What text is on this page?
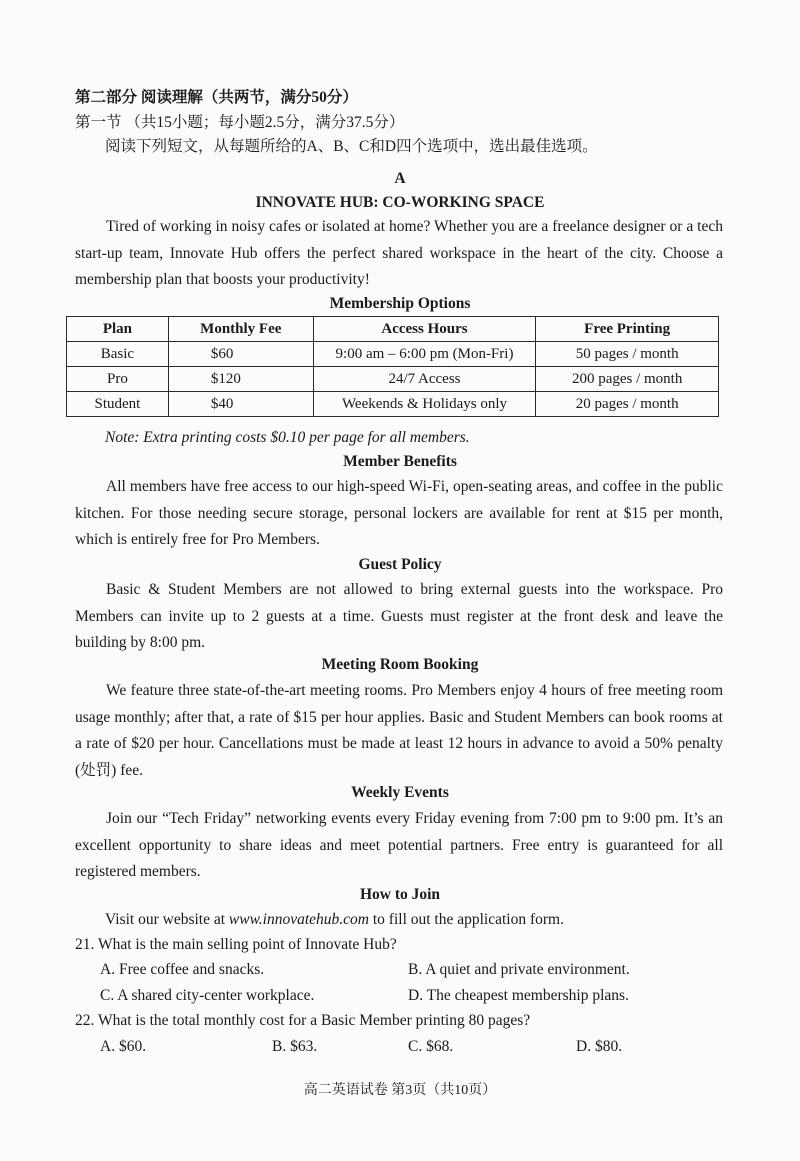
第二部分 阅读理解（共两节，满分50分）
第一节 （共15小题；每小题2.5分，满分37.5分）
阅读下列短文，从每题所给的A、B、C和D四个选项中，选出最佳选项。
A
INNOVATE HUB: CO-WORKING SPACE
Tired of working in noisy cafes or isolated at home? Whether you are a freelance designer or a tech start-up team, Innovate Hub offers the perfect shared workspace in the heart of the city. Choose a membership plan that boosts your productivity!
Membership Options
Plan	Monthly Fee	Access Hours	Free Printing
Basic	$60	9:00 am – 6:00 pm (Mon-Fri)	50 pages / month
Pro	$120	24/7 Access	200 pages / month
Student	$40	Weekends & Holidays only	20 pages / month
Note: Extra printing costs $0.10 per page for all members.
Member Benefits
All members have free access to our high-speed Wi-Fi, open-seating areas, and coffee in the public kitchen. For those needing secure storage, personal lockers are available for rent at $15 per month, which is entirely free for Pro Members.
Guest Policy
Basic & Student Members are not allowed to bring external guests into the workspace. Pro Members can invite up to 2 guests at a time. Guests must register at the front desk and leave the building by 8:00 pm.
Meeting Room Booking
We feature three state-of-the-art meeting rooms. Pro Members enjoy 4 hours of free meeting room usage monthly; after that, a rate of $15 per hour applies. Basic and Student Members can book rooms at a rate of $20 per hour. Cancellations must be made at least 12 hours in advance to avoid a 50% penalty (处罚) fee.
Weekly Events
Join our “Tech Friday” networking events every Friday evening from 7:00 pm to 9:00 pm. It’s an excellent opportunity to share ideas and meet potential partners. Free entry is guaranteed for all registered members.
How to Join
Visit our website at www.innovatehub.com to fill out the application form.
21. What is the main selling point of Innovate Hub?
A. Free coffee and snacks.	B. A quiet and private environment.
C. A shared city-center workplace.	D. The cheapest membership plans.
22. What is the total monthly cost for a Basic Member printing 80 pages?
A. $60.	B. $63.	C. $68.	D. $80.
高二英语试卷 第3页（共10页）
